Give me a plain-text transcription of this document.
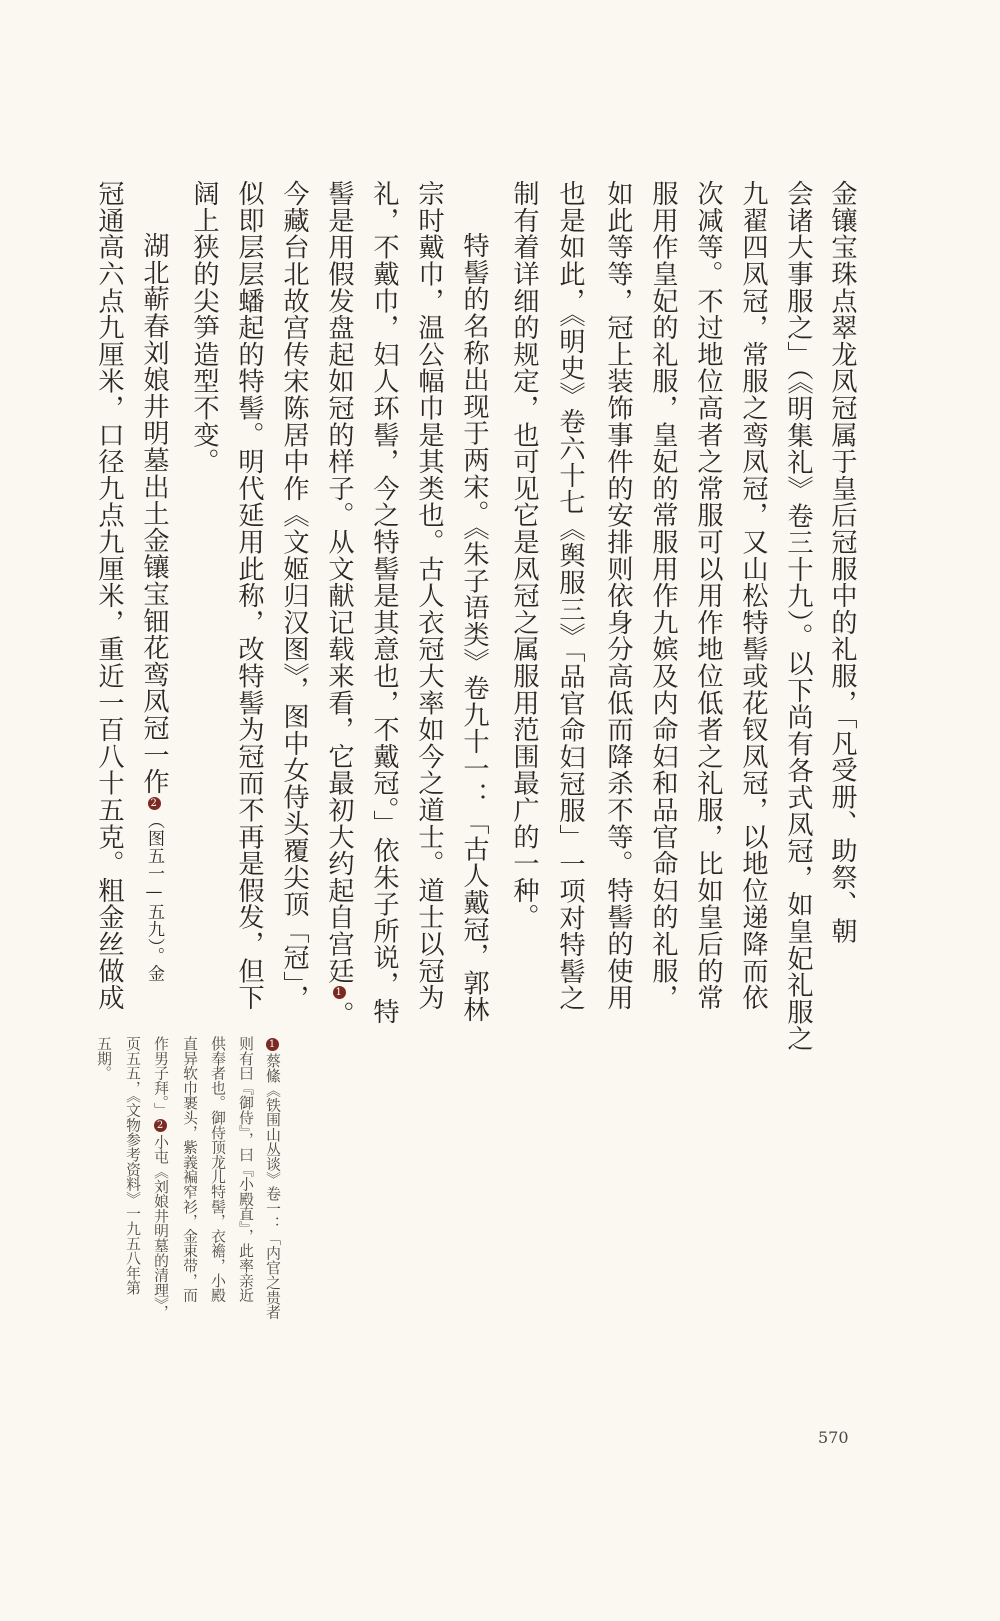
金镶宝珠点翠龙凤冠属于皇后冠服中的礼服，「凡受册、助祭、朝
会诸大事服之」（《明集礼》卷三十九）。以下尚有各式凤冠，如皇妃礼服之
九翟四凤冠，常服之鸾凤冠，又山松特髻或花钗凤冠，以地位递降而依
次减等。不过地位高者之常服可以用作地位低者之礼服，比如皇后的常
服用作皇妃的礼服，皇妃的常服用作九嫔及内命妇和品官命妇的礼服，
如此等等，冠上装饰事件的安排则依身分高低而降杀不等。特髻的使用
也是如此，《明史》卷六十七《舆服三》「品官命妇冠服」一项对特髻之
制有着详细的规定，也可见它是凤冠之属服用范围最广的一种。
特髻的名称出现于两宋。《朱子语类》卷九十一：「古人戴冠，郭林
宗时戴巾，温公幅巾是其类也。古人衣冠大率如今之道士。道士以冠为
礼，不戴巾，妇人环髻，今之特髻是其意也，不戴冠。」依朱子所说，特
髻是用假发盘起如冠的样子。从文献记载来看，它最初大约起自宫廷1。
今藏台北故宫传宋陈居中作《文姬归汉图》，图中女侍头覆尖顶「冠」，
似即层层蟠起的特髻。明代延用此称，改特髻为冠而不再是假发，但下
阔上狭的尖笋造型不变。
湖北蕲春刘娘井明墓出土金镶宝钿花鸾凤冠一作2（图五一—五九）。金
冠通高六点九厘米，口径九点九厘米，重近一百八十五克。粗金丝做成
1蔡絛《铁围山丛谈》卷一：「内官之贵者
则有曰『御侍』，曰『小殿直』，此率亲近
供奉者也。御侍顶龙儿特髻，衣襜，小殿
直异软巾裹头，紫義褊窄衫，金束带，而
作男子拜。」2小屯《刘娘井明墓的清理》，
页五五，《文物参考资料》一九五八年第
五期。
570
